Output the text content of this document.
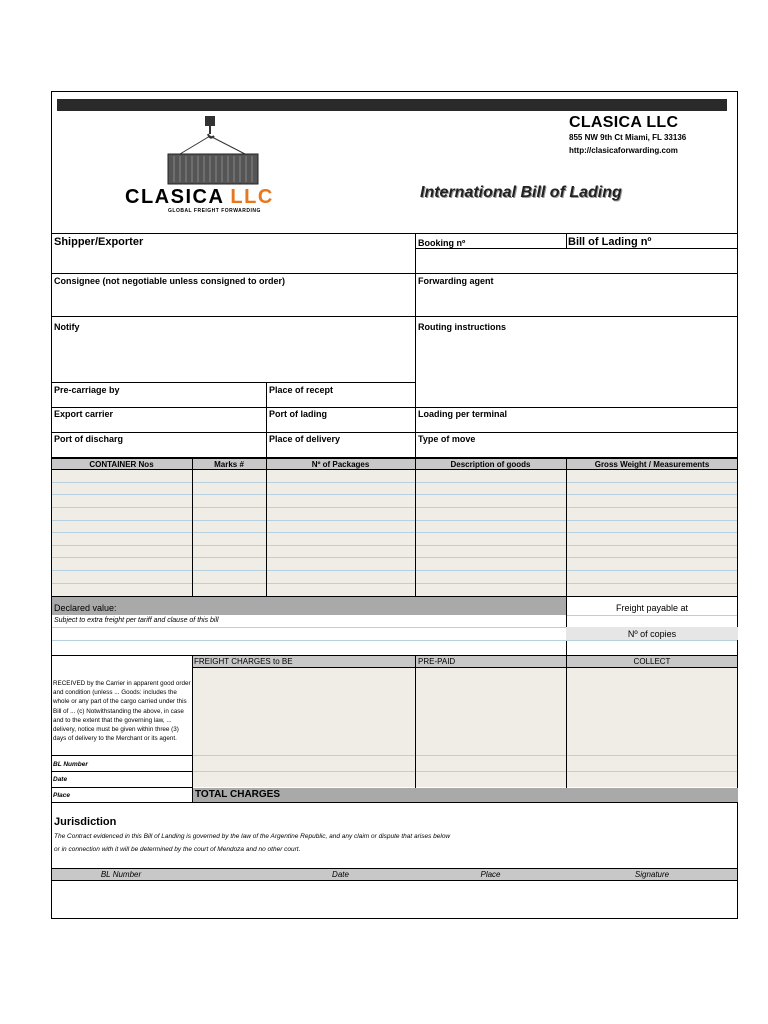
CLASICA LLC
GLOBAL FREIGHT FORWARDING
CLASICA LLC
855 NW 9th Ct Miami, FL 33136
http://clasicaforwarding.com
International Bill of Lading
Shipper/Exporter	Booking nº	Bill of Lading nº
Consignee (not negotiable unless consigned to order)	Forwarding agent
Notify	Routing instructions
Pre-carriage by	Place of recept
Export carrier	Port of lading	Loading per terminal
Port of discharg	Place of delivery	Type of move
CONTAINER Nos	Marks #	Nº of Packages	Description of goods	Gross Weight / Measurements
Declared value:	Freight payable at
Subject to extra freight per tariff and clause of this bill
Nº of copies
FREIGHT CHARGES to BE	PRE-PAID	COLLECT
RECEIVED by the Carrier in apparent good order and condition (unless ... Goods: includes the whole or any part of the cargo carried under this Bill of ... (c) Notwithstanding the above, in case and to the extent that the governing law, ... delivery, notice must be given within three (3) days of delivery to the Merchant or its agent.
BL Number
Date
Place	TOTAL CHARGES
Jurisdiction
The Contract evidenced in this Bill of Landing is governed by the law of the Argentine Republic, and any claim or dispute that arises below
or in connection with it will be determined by the court of Mendoza and no other court.
BL Number	Date	Place	Signature
